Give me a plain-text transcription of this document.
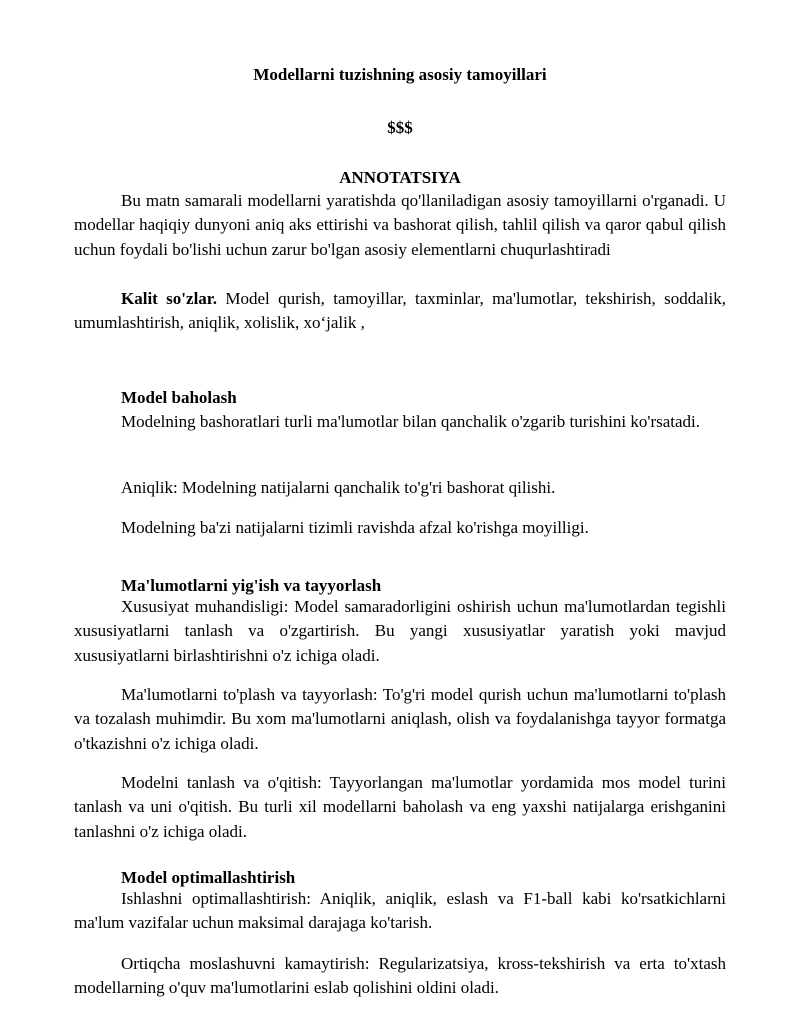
Modellarni tuzishning asosiy tamoyillari
$$$
ANNOTATSIYA

Bu matn samarali modellarni yaratishda qo'llaniladigan asosiy tamoyillarni o'rganadi. U modellar haqiqiy dunyoni aniq aks ettirishi va bashorat qilish, tahlil qilish va qaror qabul qilish uchun foydali bo'lishi uchun zarur bo'lgan asosiy elementlarni chuqurlashtiradi

Kalit so'zlar. Model qurish, tamoyillar, taxminlar, ma'lumotlar, tekshirish, soddalik, umumlashtirish, aniqlik, xolislik, xo‘jalik ,

Model baholash

Modelning bashoratlari turli ma'lumotlar bilan qanchalik o'zgarib turishini ko'rsatadi.

Aniqlik: Modelning natijalarni qanchalik to'g'ri bashorat qilishi.

Modelning ba'zi natijalarni tizimli ravishda afzal ko'rishga moyilligi.

Ma'lumotlarni yig'ish va tayyorlash

Xususiyat muhandisligi: Model samaradorligini oshirish uchun ma'lumotlardan tegishli xususiyatlarni tanlash va o'zgartirish. Bu yangi xususiyatlar yaratish yoki mavjud xususiyatlarni birlashtirishni o'z ichiga oladi.

Ma'lumotlarni to'plash va tayyorlash: To'g'ri model qurish uchun ma'lumotlarni to'plash va tozalash muhimdir. Bu xom ma'lumotlarni aniqlash, olish va foydalanishga tayyor formatga o'tkazishni o'z ichiga oladi.

Modelni tanlash va o'qitish: Tayyorlangan ma'lumotlar yordamida mos model turini tanlash va uni o'qitish. Bu turli xil modellarni baholash va eng yaxshi natijalarga erishganini tanlashni o'z ichiga oladi.

Model optimallashtirish

Ishlashni optimallashtirish: Aniqlik, aniqlik, eslash va F1-ball kabi ko'rsatkichlarni ma'lum vazifalar uchun maksimal darajaga ko'tarish.

Ortiqcha moslashuvni kamaytirish: Regularizatsiya, kross-tekshirish va erta to'xtash modellarning o'quv ma'lumotlarini eslab qolishini oldini oladi.
